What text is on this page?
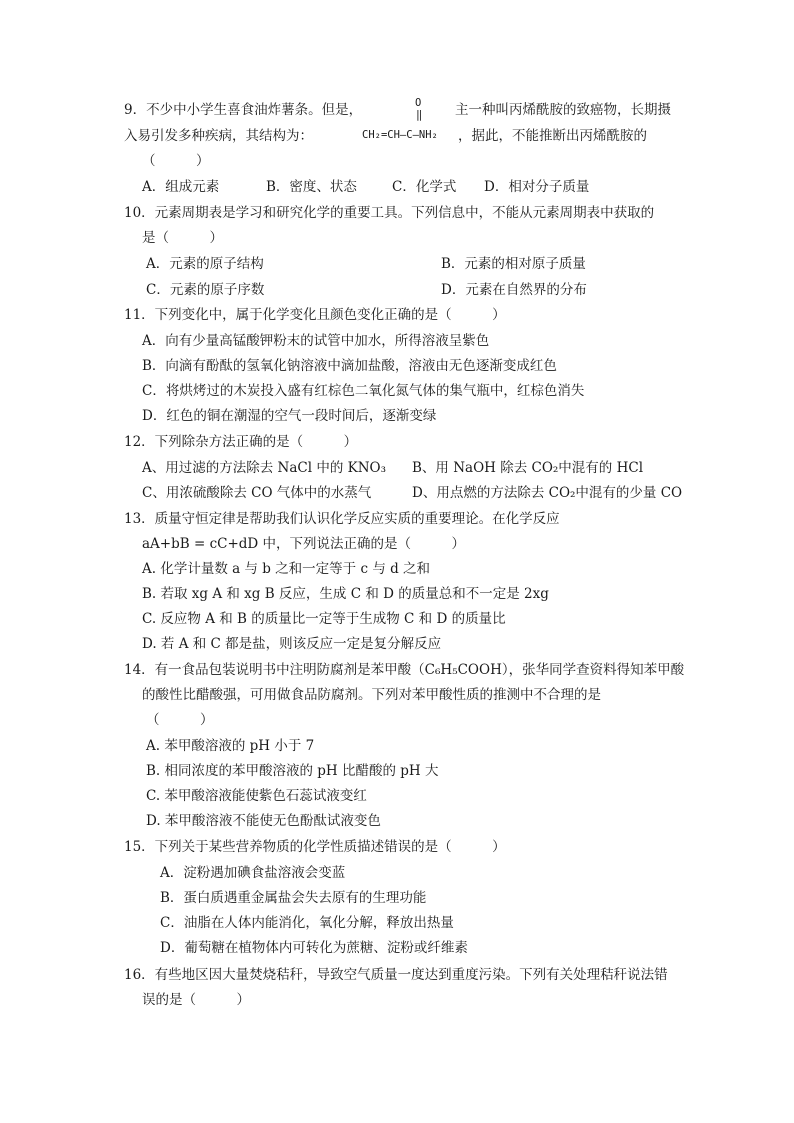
9．不少中小学生喜食油炸薯条。但是，	O
‖ 主一种叫丙烯酰胺的致癌物，长期摄
入易引发多种疾病，其结构为：	CH₂=CH—C—NH₂ ，据此，不能推断出丙烯酰胺的
（　　　）
A．组成元素	B．密度、状态	C．化学式 D．相对分子质量
10．元素周期表是学习和研究化学的重要工具。下列信息中，不能从元素周期表中获取的
是（　　　）
A．元素的原子结构	B．元素的相对原子质量
C．元素的原子序数	D．元素在自然界的分布
11．下列变化中，属于化学变化且颜色变化正确的是（　　　）
A．向有少量高锰酸钾粉末的试管中加水，所得溶液呈紫色
B．向滴有酚酞的氢氧化钠溶液中滴加盐酸，溶液由无色逐渐变成红色
C．将烘烤过的木炭投入盛有红棕色二氧化氮气体的集气瓶中，红棕色消失
D．红色的铜在潮湿的空气一段时间后，逐渐变绿
12．下列除杂方法正确的是（　　　）
A、用过滤的方法除去 NaCl 中的 KNO₃ B、用 NaOH 除去 CO₂中混有的 HCl
C、用浓硫酸除去 CO 气体中的水蒸气	D、用点燃的方法除去 CO₂中混有的少量 CO
13．质量守恒定律是帮助我们认识化学反应实质的重要理论。在化学反应
aA+bB = cC+dD 中，下列说法正确的是（　　　）
A. 化学计量数 a 与 b 之和一定等于 c 与 d 之和
B. 若取 xg A 和 xg B 反应，生成 C 和 D 的质量总和不一定是 2xg
C. 反应物 A 和 B 的质量比一定等于生成物 C 和 D 的质量比
D. 若 A 和 C 都是盐，则该反应一定是复分解反应
14．有一食品包装说明书中注明防腐剂是苯甲酸（C₆H₅COOH），张华同学查资料得知苯甲酸
的酸性比醋酸强，可用做食品防腐剂。下列对苯甲酸性质的推测中不合理的是
（　　　）
A. 苯甲酸溶液的 pH 小于 7
B. 相同浓度的苯甲酸溶液的 pH 比醋酸的 pH 大
C. 苯甲酸溶液能使紫色石蕊试液变红
D. 苯甲酸溶液不能使无色酚酞试液变色
15．下列关于某些营养物质的化学性质描述错误的是（　　　）
A．淀粉遇加碘食盐溶液会变蓝
B．蛋白质遇重金属盐会失去原有的生理功能
C．油脂在人体内能消化，氧化分解，释放出热量
D．葡萄糖在植物体内可转化为蔗糖、淀粉或纤维素
16．有些地区因大量焚烧秸秆，导致空气质量一度达到重度污染。下列有关处理秸秆说法错
误的是（　　　）
